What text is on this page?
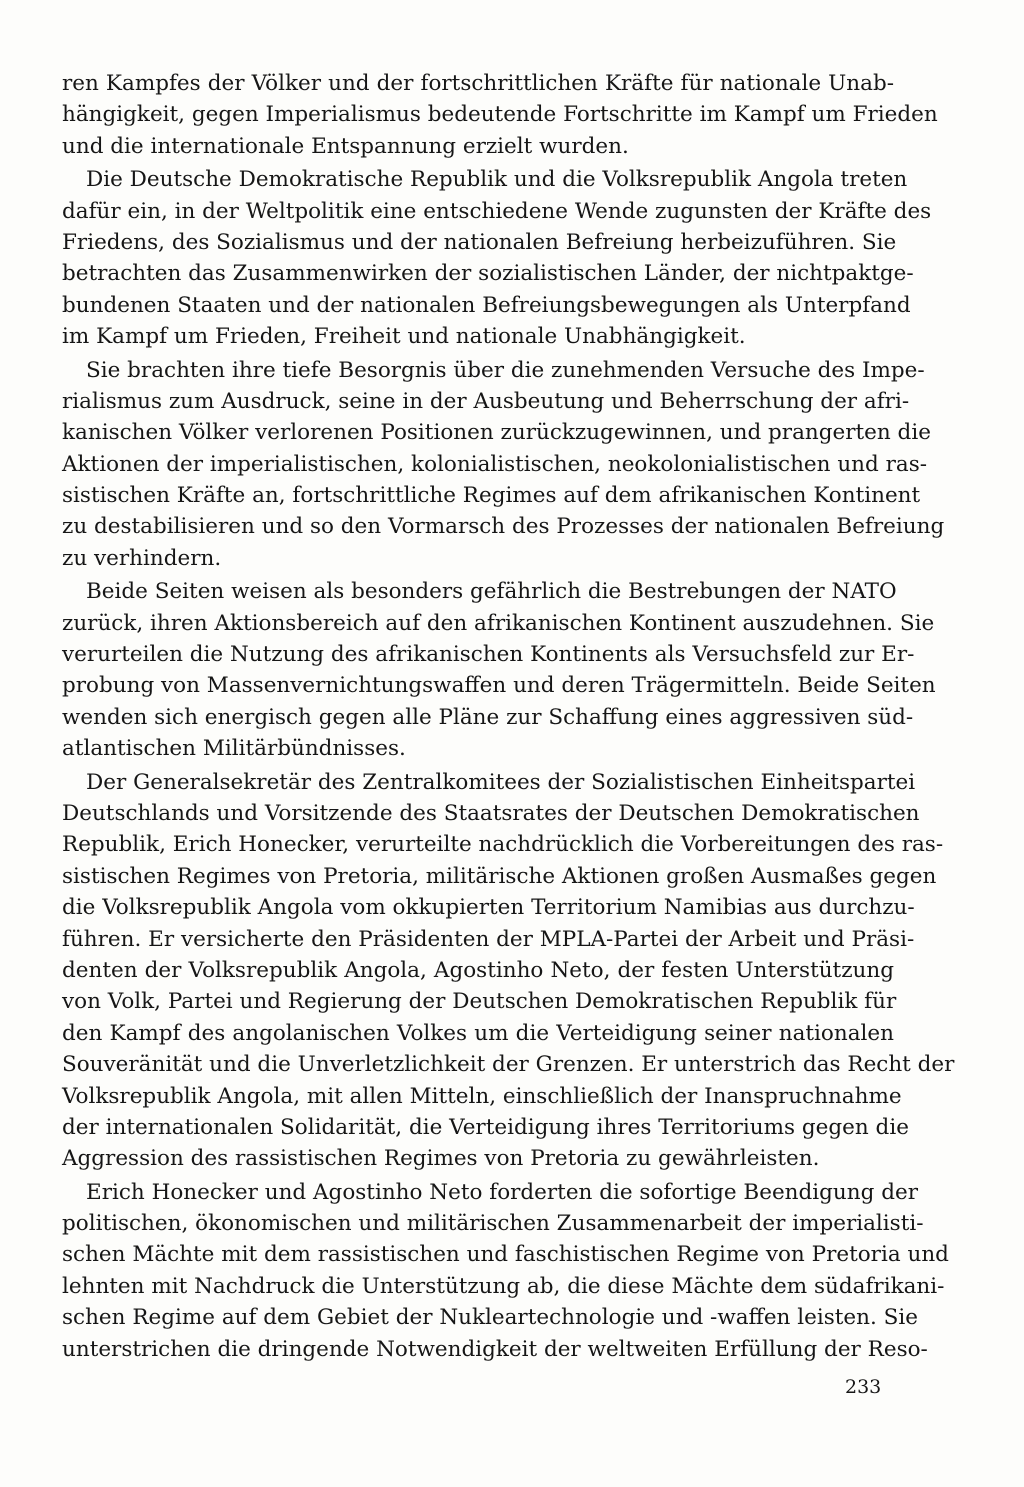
ren Kampfes der Völker und der fortschrittlichen Kräfte für nationale Unab-
hängigkeit, gegen Imperialismus bedeutende Fortschritte im Kampf um Frieden
und die internationale Entspannung erzielt wurden.
Die Deutsche Demokratische Republik und die Volksrepublik Angola treten
dafür ein, in der Weltpolitik eine entschiedene Wende zugunsten der Kräfte des
Friedens, des Sozialismus und der nationalen Befreiung herbeizuführen. Sie
betrachten das Zusammenwirken der sozialistischen Länder, der nichtpaktge-
bundenen Staaten und der nationalen Befreiungsbewegungen als Unterpfand
im Kampf um Frieden, Freiheit und nationale Unabhängigkeit.
Sie brachten ihre tiefe Besorgnis über die zunehmenden Versuche des Impe-
rialismus zum Ausdruck, seine in der Ausbeutung und Beherrschung der afri-
kanischen Völker verlorenen Positionen zurückzugewinnen, und prangerten die
Aktionen der imperialistischen, kolonialistischen, neokolonialistischen und ras-
sistischen Kräfte an, fortschrittliche Regimes auf dem afrikanischen Kontinent
zu destabilisieren und so den Vormarsch des Prozesses der nationalen Befreiung
zu verhindern.
Beide Seiten weisen als besonders gefährlich die Bestrebungen der NATO
zurück, ihren Aktionsbereich auf den afrikanischen Kontinent auszudehnen. Sie
verurteilen die Nutzung des afrikanischen Kontinents als Versuchsfeld zur Er-
probung von Massenvernichtungswaffen und deren Trägermitteln. Beide Seiten
wenden sich energisch gegen alle Pläne zur Schaffung eines aggressiven süd-
atlantischen Militärbündnisses.
Der Generalsekretär des Zentralkomitees der Sozialistischen Einheitspartei
Deutschlands und Vorsitzende des Staatsrates der Deutschen Demokratischen
Republik, Erich Honecker, verurteilte nachdrücklich die Vorbereitungen des ras-
sistischen Regimes von Pretoria, militärische Aktionen großen Ausmaßes gegen
die Volksrepublik Angola vom okkupierten Territorium Namibias aus durchzu-
führen. Er versicherte den Präsidenten der MPLA-Partei der Arbeit und Präsi-
denten der Volksrepublik Angola, Agostinho Neto, der festen Unterstützung
von Volk, Partei und Regierung der Deutschen Demokratischen Republik für
den Kampf des angolanischen Volkes um die Verteidigung seiner nationalen
Souveränität und die Unverletzlichkeit der Grenzen. Er unterstrich das Recht der
Volksrepublik Angola, mit allen Mitteln, einschließlich der Inanspruchnahme
der internationalen Solidarität, die Verteidigung ihres Territoriums gegen die
Aggression des rassistischen Regimes von Pretoria zu gewährleisten.
Erich Honecker und Agostinho Neto forderten die sofortige Beendigung der
politischen, ökonomischen und militärischen Zusammenarbeit der imperialisti-
schen Mächte mit dem rassistischen und faschistischen Regime von Pretoria und
lehnten mit Nachdruck die Unterstützung ab, die diese Mächte dem südafrikani-
schen Regime auf dem Gebiet der Nukleartechnologie und -waffen leisten. Sie
unterstrichen die dringende Notwendigkeit der weltweiten Erfüllung der Reso-
233
